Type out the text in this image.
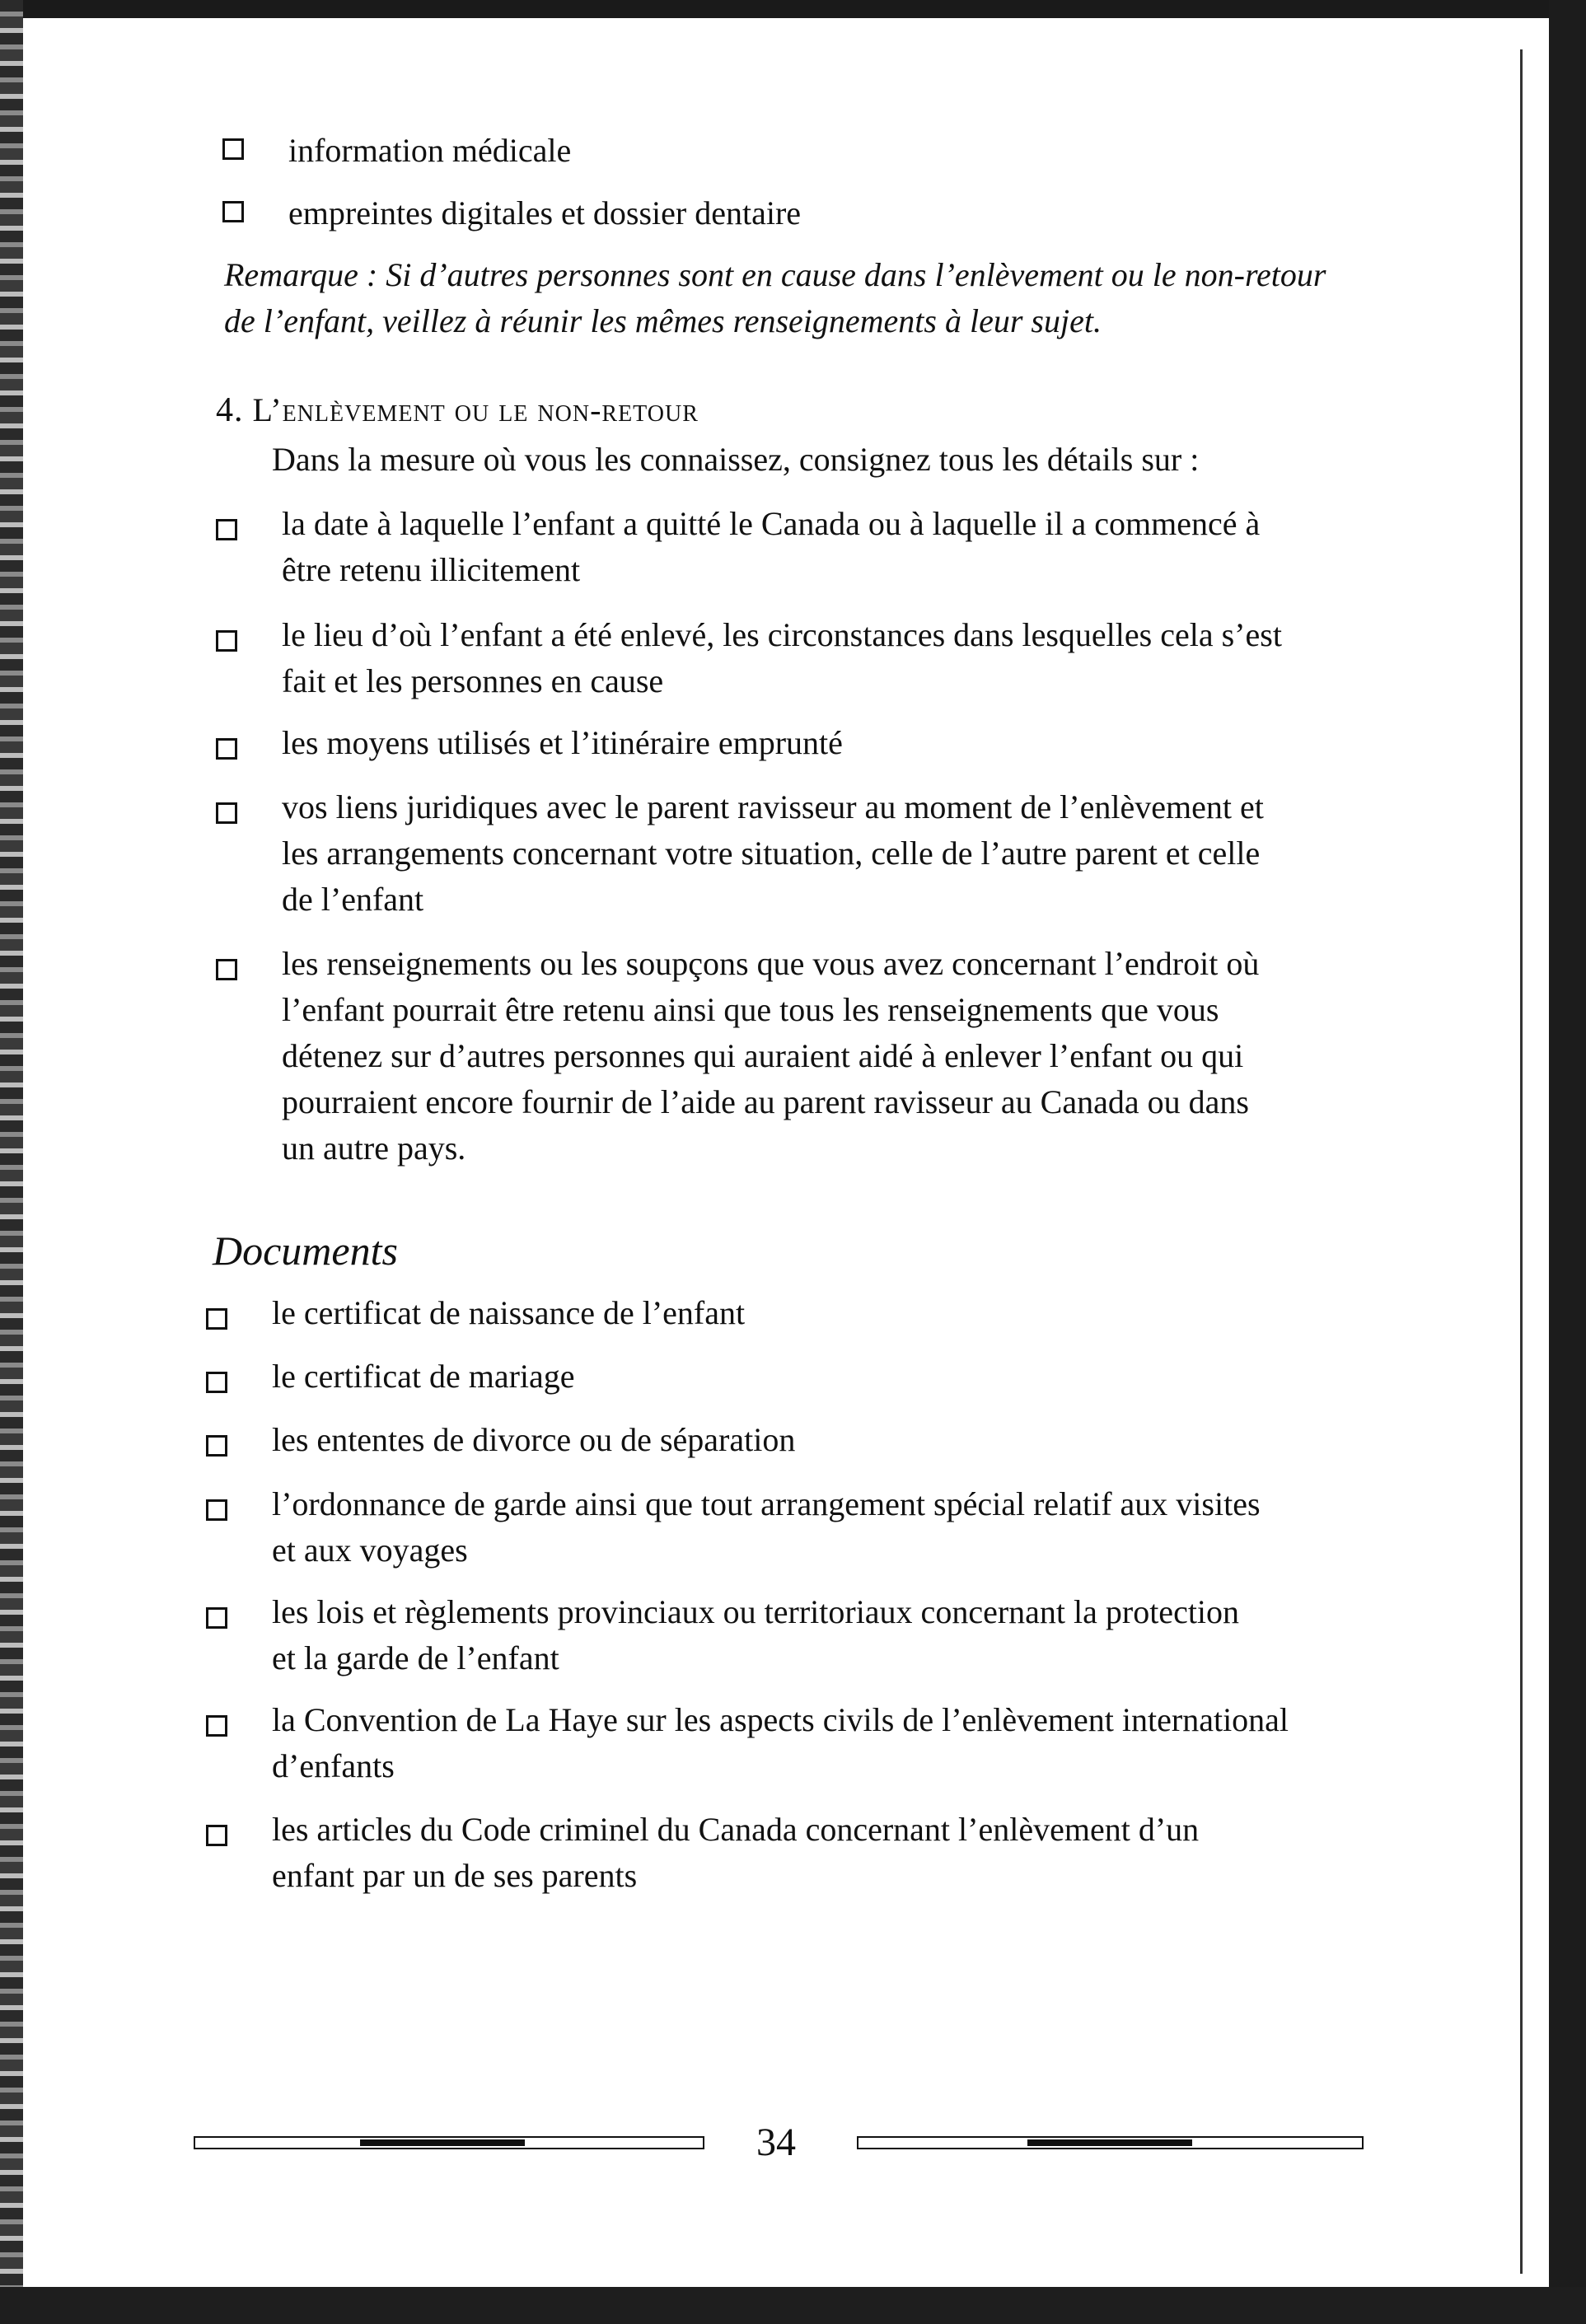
information médicale
empreintes digitales et dossier dentaire

Remarque : Si d’autres personnes sont en cause dans l’enlèvement ou le non-retour

de l’enfant, veillez à réunir les mêmes renseignements à leur sujet.

4. L’enlèvement ou le non-retour
Dans la mesure où vous les connaissez, consignez tous les détails sur :
la date à laquelle l’enfant a quitté le Canada ou à laquelle il a commencé à
être retenu illicitement
le lieu d’où l’enfant a été enlevé, les circonstances dans lesquelles cela s’est
fait et les personnes en cause
les moyens utilisés et l’itinéraire emprunté
vos liens juridiques avec le parent ravisseur au moment de l’enlèvement et
les arrangements concernant votre situation, celle de l’autre parent et celle
de l’enfant
les renseignements ou les soupçons que vous avez concernant l’endroit où
l’enfant pourrait être retenu ainsi que tous les renseignements que vous
détenez sur d’autres personnes qui auraient aidé à enlever l’enfant ou qui
pourraient encore fournir de l’aide au parent ravisseur au Canada ou dans
un autre pays.
Documents
le certificat de naissance de l’enfant
le certificat de mariage
les ententes de divorce ou de séparation
l’ordonnance de garde ainsi que tout arrangement spécial relatif aux visites
et aux voyages
les lois et règlements provinciaux ou territoriaux concernant la protection
et la garde de l’enfant
la Convention de La Haye sur les aspects civils de l’enlèvement international
d’enfants
les articles du Code criminel du Canada concernant l’enlèvement d’un
enfant par un de ses parents
34
